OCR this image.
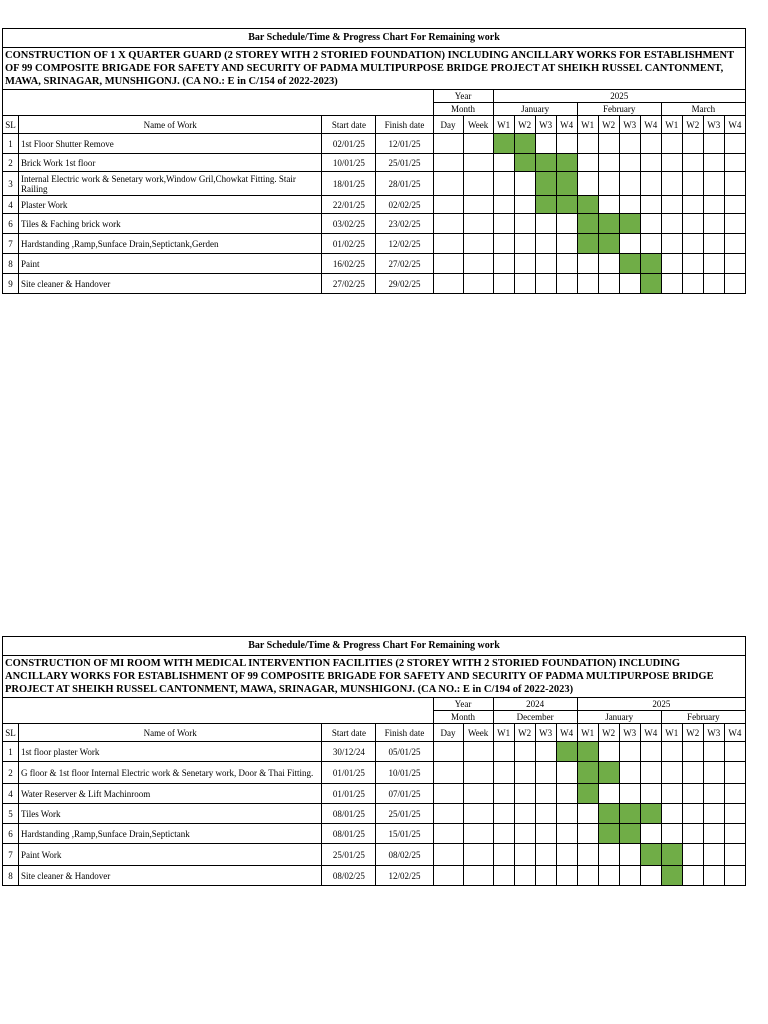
Bar Schedule/Time & Progress Chart For Remaining work																	
CONSTRUCTION OF 1 X QUARTER GUARD (2 STOREY WITH 2 STORIED FOUNDATION) INCLUDING ANCILLARY WORKS FOR ESTABLISHMENT OF 99 COMPOSITE BRIGADE FOR SAFETY AND SECURITY OF PADMA MULTIPURPOSE BRIDGE PROJECT AT SHEIKH RUSSEL CANTONMENT, MAWA, SRINAGAR, MUNSHIGONJ. (CA NO.: E in C/154 of 2022-2023)																	
				Year		2025											
				Month		January				February				March			
SL	Name of Work	Start date	Finish date	Day	Week	W1	W2	W3	W4	W1	W2	W3	W4	W1	W2	W3	W4
1	1st Floor Shutter Remove	02/01/25	12/01/25														
2	Brick Work 1st floor	10/01/25	25/01/25														
3	Internal Electric work & Senetary work,Window Gril,Chowkat Fitting. Stair Railing	18/01/25	28/01/25														
4	Plaster Work	22/01/25	02/02/25														
6	Tiles & Faching brick work	03/02/25	23/02/25														
7	Hardstanding ,Ramp,Sunface Drain,Septictank,Gerden	01/02/25	12/02/25														
8	Paint	16/02/25	27/02/25														
9	Site cleaner & Handover	27/02/25	29/02/25														
Bar Schedule/Time & Progress Chart For Remaining work																	
CONSTRUCTION OF MI ROOM WITH MEDICAL INTERVENTION FACILITIES (2 STOREY WITH 2 STORIED FOUNDATION) INCLUDING ANCILLARY WORKS FOR ESTABLISHMENT OF 99 COMPOSITE BRIGADE FOR SAFETY AND SECURITY OF PADMA MULTIPURPOSE BRIDGE PROJECT AT SHEIKH RUSSEL CANTONMENT, MAWA, SRINAGAR, MUNSHIGONJ. (CA NO.: E in C/194 of 2022-2023)																	
				Year		2024				2025							
				Month		December				January				February			
SL	Name of Work	Start date	Finish date	Day	Week	W1	W2	W3	W4	W1	W2	W3	W4	W1	W2	W3	W4
1	1st floor plaster Work	30/12/24	05/01/25														
2	G floor & 1st floor Internal Electric work & Senetary work, Door & Thai Fitting.	01/01/25	10/01/25														
4	Water Reserver & Lift Machinroom	01/01/25	07/01/25														
5	Tiles Work	08/01/25	25/01/25														
6	Hardstanding ,Ramp,Sunface Drain,Septictank	08/01/25	15/01/25														
7	Paint Work	25/01/25	08/02/25														
8	Site cleaner & Handover	08/02/25	12/02/25														
